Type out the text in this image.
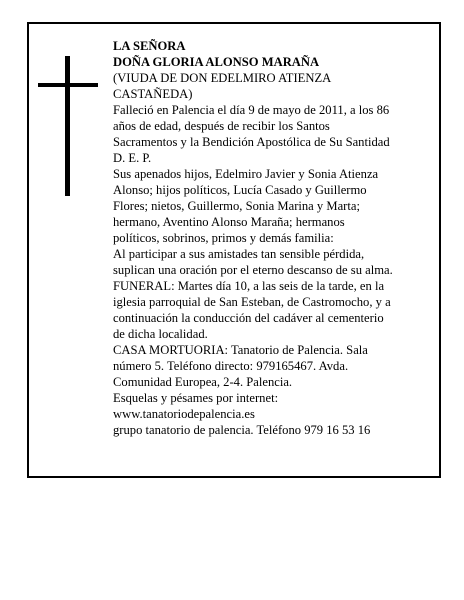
LA SEÑORA
DOÑA GLORIA ALONSO MARAÑA
(VIUDA DE DON EDELMIRO ATIENZA
CASTAÑEDA)
Falleció en Palencia el día 9 de mayo de 2011, a los 86
años de edad, después de recibir los Santos
Sacramentos y la Bendición Apostólica de Su Santidad
D. E. P.
Sus apenados hijos, Edelmiro Javier y Sonia Atienza
Alonso; hijos políticos, Lucía Casado y Guillermo
Flores; nietos, Guillermo, Sonia Marina y Marta;
hermano, Aventino Alonso Maraña; hermanos
políticos, sobrinos, primos y demás familia:
Al participar a sus amistades tan sensible pérdida,
suplican una oración por el eterno descanso de su alma.
FUNERAL: Martes día 10, a las seis de la tarde, en la
iglesia parroquial de San Esteban, de Castromocho, y a
continuación la conducción del cadáver al cementerio
de dicha localidad.
CASA MORTUORIA: Tanatorio de Palencia. Sala
número 5. Teléfono directo: 979165467. Avda.
Comunidad Europea, 2-4. Palencia.
Esquelas y pésames por internet:
www.tanatoriodepalencia.es
grupo tanatorio de palencia. Teléfono 979 16 53 16
